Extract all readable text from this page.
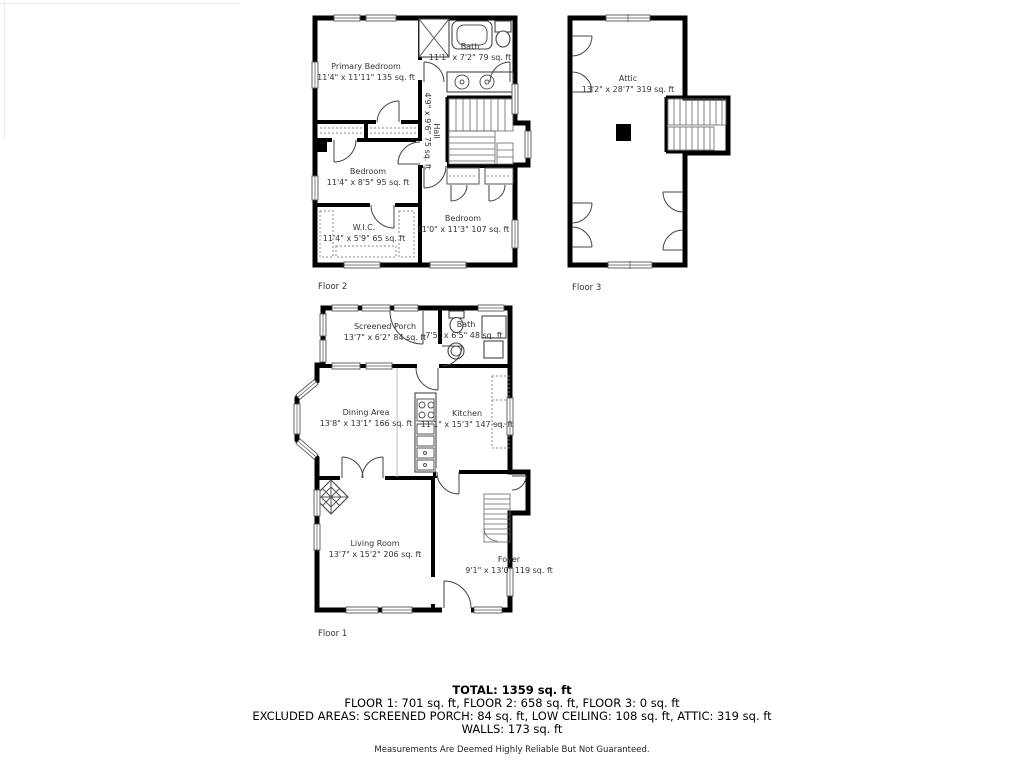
Primary Bedroom
11'4" x 11'11" 135 sq. ft
Bath
11'1" x 7'2" 79 sq. ft
Hall
4'9" x 9'6" 75 sq. ft
Bedroom
11'4" x 8'5" 95 sq. ft
W.I.C.
11'4" x 5'9" 65 sq. ft
Bedroom
11'0" x 11'3" 107 sq. ft
Floor 2
Attic
13'2" x 28'7" 319 sq. ft
Floor 3
Screened Porch
13'7" x 6'2" 84 sq. ft
Bath
7'5" x 6'5" 48 sq. ft
Dining Area
13'8" x 13'1" 166 sq. ft
Kitchen
11'1" x 15'3" 147 sq. ft
Living Room
13'7" x 15'2" 206 sq. ft
Foyer
9'1" x 13'0" 119 sq. ft
Floor 1
TOTAL: 1359 sq. ft
FLOOR 1: 701 sq. ft, FLOOR 2: 658 sq. ft, FLOOR 3: 0 sq. ft
EXCLUDED AREAS: SCREENED PORCH: 84 sq. ft, LOW CEILING: 108 sq. ft, ATTIC: 319 sq. ft
WALLS: 173 sq. ft
Measurements Are Deemed Highly Reliable But Not Guaranteed.
